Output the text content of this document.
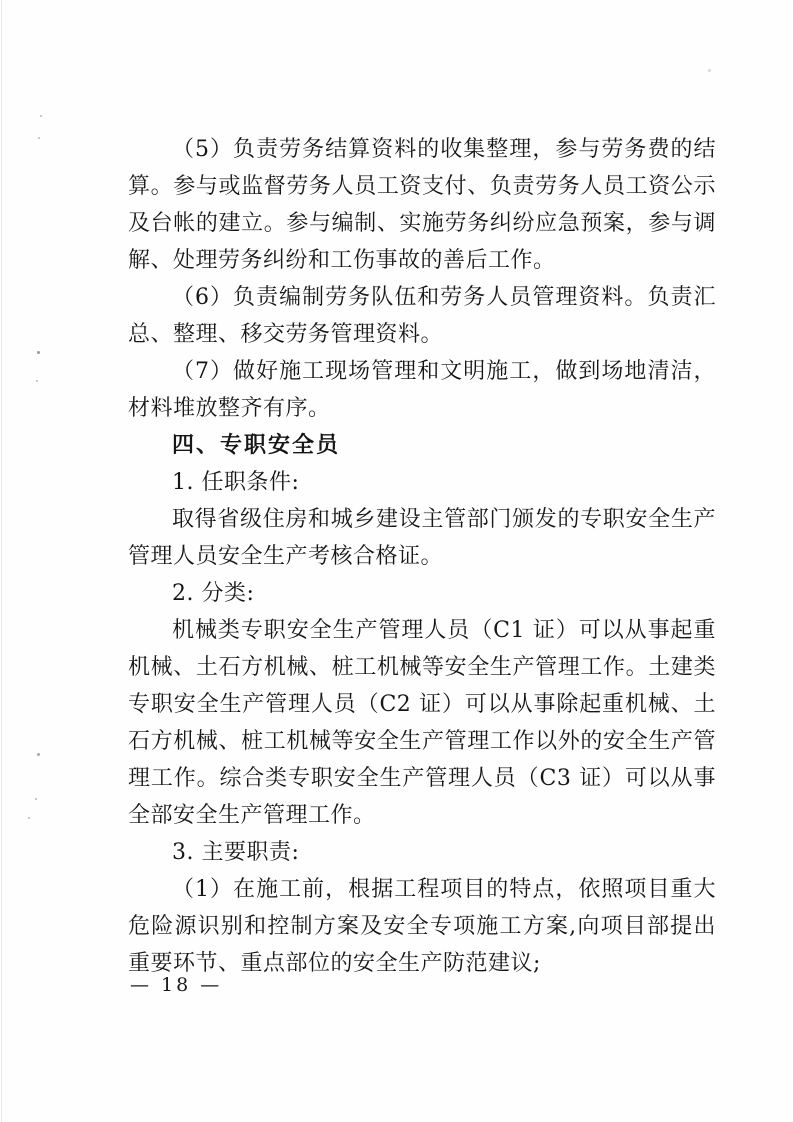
（5）负责劳务结算资料的收集整理，参与劳务费的结算。参与或监督劳务人员工资支付、负责劳务人员工资公示及台帐的建立。参与编制、实施劳务纠纷应急预案，参与调解、处理劳务纠纷和工伤事故的善后工作。

（6）负责编制劳务队伍和劳务人员管理资料。负责汇总、整理、移交劳务管理资料。

（7）做好施工现场管理和文明施工，做到场地清洁，材料堆放整齐有序。

四、专职安全员

1. 任职条件:

取得省级住房和城乡建设主管部门颁发的专职安全生产管理人员安全生产考核合格证。

2. 分类:

机械类专职安全生产管理人员（C1 证）可以从事起重机械、土石方机械、桩工机械等安全生产管理工作。土建类专职安全生产管理人员（C2 证）可以从事除起重机械、土石方机械、桩工机械等安全生产管理工作以外的安全生产管理工作。综合类专职安全生产管理人员（C3 证）可以从事全部安全生产管理工作。

3. 主要职责:

（1）在施工前，根据工程项目的特点，依照项目重大危险源识别和控制方案及安全专项施工方案,向项目部提出重要环节、重点部位的安全生产防范建议;

— 18 —
